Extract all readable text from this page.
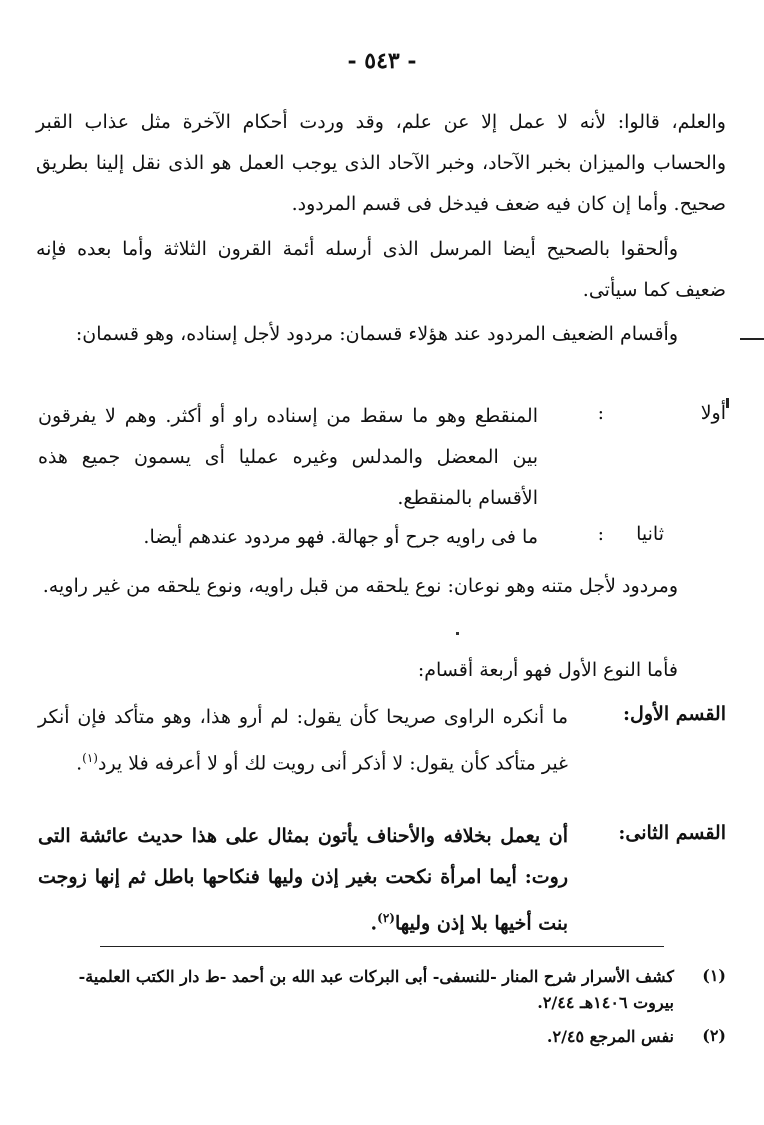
- ٥٤٣ -
والعلم، قالوا: لأنه لا عمل إلا عن علم، وقد وردت أحكام الآخرة مثل عذاب القبر والحساب والميزان بخبر الآحاد، وخبر الآحاد الذى يوجب العمل هو الذى نقل إلينا بطريق صحيح. وأما إن كان فيه ضعف فيدخل فى قسم المردود.
وألحقوا بالصحيح أيضا المرسل الذى أرسله أئمة القرون الثلاثة وأما بعده فإنه ضعيف كما سيأتى.
وأقسام الضعيف المردود عند هؤلاء قسمان: مردود لأجل إسناده، وهو قسمان:
أولا
:
المنقطع وهو ما سقط من إسناده راو أو أكثر. وهم لا يفرقون بين المعضل والمدلس وغيره عمليا أى يسمون جميع هذه الأقسام بالمنقطع.
ثانيا
:
ما فى راويه جرح أو جهالة. فهو مردود عندهم أيضا.
ومردود لأجل متنه وهو نوعان: نوع يلحقه من قبل راويه، ونوع يلحقه من غير راويه.
فأما النوع الأول فهو أربعة أقسام:
القسم الأول:
ما أنكره الراوى صريحا كأن يقول: لم أرو هذا، وهو متأكد فإن أنكر غير متأكد كأن يقول: لا أذكر أنى رويت لك أو لا أعرفه فلا يرد$^{(١)}$.
القسم الثانى:
أن يعمل بخلافه والأحناف يأتون بمثال على هذا حديث عائشة التى روت: أيما امرأة نكحت بغير إذن وليها فنكاحها باطل ثم إنها زوجت بنت أخيها بلا إذن وليها$^{(٢)}$.
(١)
كشف الأسرار شرح المنار -للنسفى- أبى البركات عبد الله بن أحمد -ط دار الكتب العلمية- بيروت ١٤٠٦هـ ٢/٤٤.
(٢)
نفس المرجع ٢/٤٥.
